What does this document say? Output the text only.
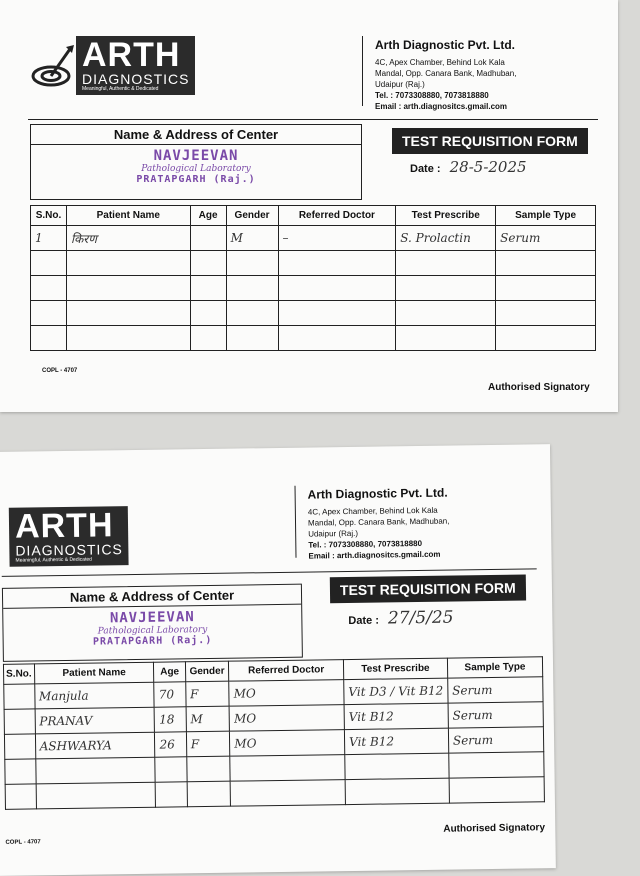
ARTH
DIAGNOSTICS
Meaningful, Authentic & Dedicated
Arth Diagnostic Pvt. Ltd.
4C, Apex Chamber, Behind Lok Kala
Mandal, Opp. Canara Bank, Madhuban,
Udaipur (Raj.)
Tel. : 7073308880, 7073818880
Email : arth.diagnositcs.gmail.com
Name & Address of Center
NAVJEEVAN
Pathological Laboratory
PRATAPGARH (Raj.)
TEST REQUISITION FORM
Date : 28-5-2025
S.No.	Patient Name	Age	Gender	Referred Doctor	Test Prescribe	Sample Type
1	किरण		M	–	S. Prolactin	Serum

COPL - 4707
Authorised Signatory
ARTH
DIAGNOSTICS
Meaningful, Authentic & Dedicated
Arth Diagnostic Pvt. Ltd.
4C, Apex Chamber, Behind Lok Kala
Mandal, Opp. Canara Bank, Madhuban,
Udaipur (Raj.)
Tel. : 7073308880, 7073818880
Email : arth.diagnositcs.gmail.com
Name & Address of Center
NAVJEEVAN
Pathological Laboratory
PRATAPGARH (Raj.)
TEST REQUISITION FORM
Date : 27/5/25
S.No.	Patient Name	Age	Gender	Referred Doctor	Test Prescribe	Sample Type
	Manjula	70	F	MO	Vit D3 / Vit B12	Serum
	PRANAV	18	M	MO	Vit B12	Serum
	ASHWARYA	26	F	MO	Vit B12	Serum

COPL - 4707
Authorised Signatory
